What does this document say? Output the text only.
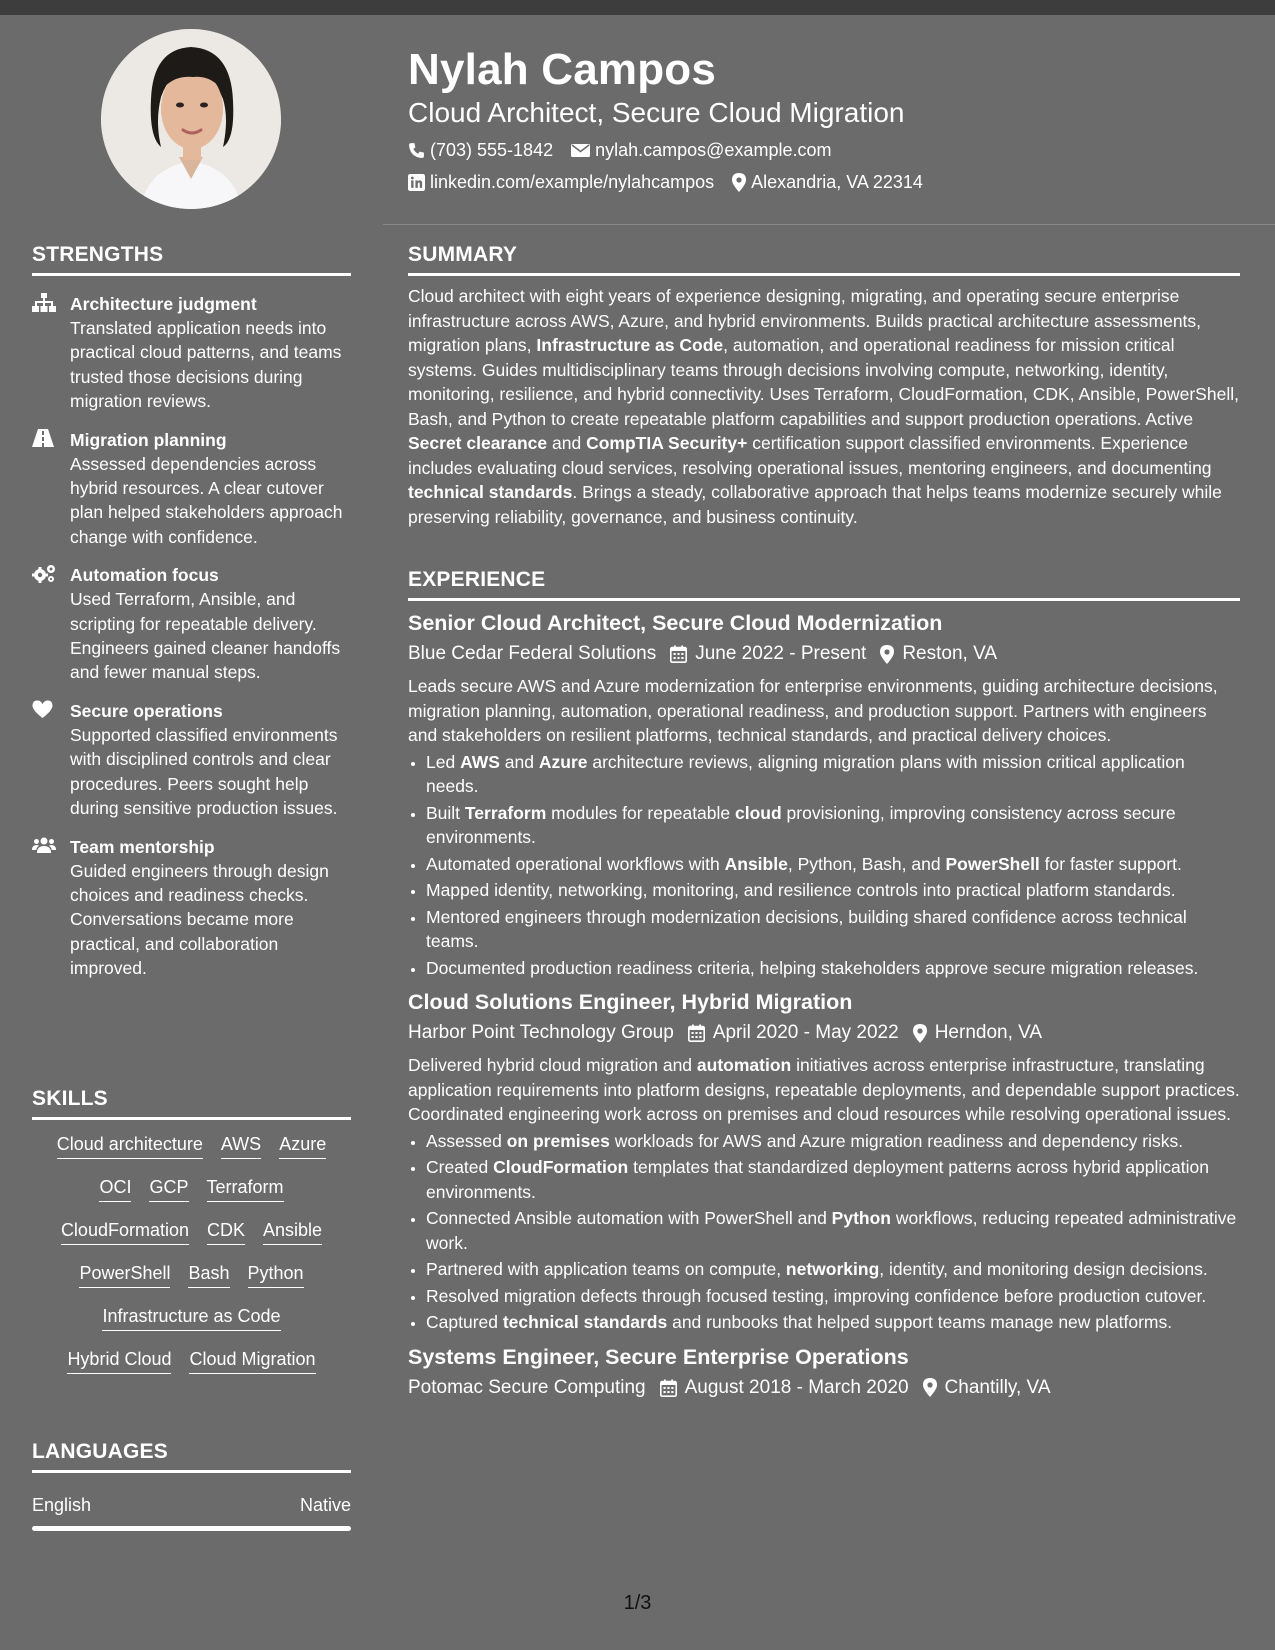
Nylah Campos
Cloud Architect, Secure Cloud Migration
(703) 555-1842 nylah.campos@example.com
linkedin.com/example/nylahcampos Alexandria, VA 22314
STRENGTHS
Architecture judgment
Translated application needs into practical cloud patterns, and teams trusted those decisions during migration reviews.
Migration planning
Assessed dependencies across hybrid resources. A clear cutover plan helped stakeholders approach change with confidence.
Automation focus
Used Terraform, Ansible, and scripting for repeatable delivery. Engineers gained cleaner handoffs and fewer manual steps.
Secure operations
Supported classified environments with disciplined controls and clear procedures. Peers sought help during sensitive production issues.
Team mentorship
Guided engineers through design choices and readiness checks. Conversations became more practical, and collaboration improved.
SKILLS
Cloud architecture AWS Azure
OCI GCP Terraform
CloudFormation CDK Ansible
PowerShell Bash Python
Infrastructure as Code
Hybrid Cloud Cloud Migration
LANGUAGES
English	Native
SUMMARY
Cloud architect with eight years of experience designing, migrating, and operating secure enterprise infrastructure across AWS, Azure, and hybrid environments. Builds practical architecture assessments, migration plans, Infrastructure as Code, automation, and operational readiness for mission critical systems. Guides multidisciplinary teams through decisions involving compute, networking, identity, monitoring, resilience, and hybrid connectivity. Uses Terraform, CloudFormation, CDK, Ansible, PowerShell, Bash, and Python to create repeatable platform capabilities and support production operations. Active Secret clearance and CompTIA Security+ certification support classified environments. Experience includes evaluating cloud services, resolving operational issues, mentoring engineers, and documenting technical standards. Brings a steady, collaborative approach that helps teams modernize securely while preserving reliability, governance, and business continuity.
EXPERIENCE
Senior Cloud Architect, Secure Cloud Modernization
Blue Cedar Federal Solutions June 2022 - Present Reston, VA
Leads secure AWS and Azure modernization for enterprise environments, guiding architecture decisions, migration planning, automation, operational readiness, and production support. Partners with engineers and stakeholders on resilient platforms, technical standards, and practical delivery choices.
• Led AWS and Azure architecture reviews, aligning migration plans with mission critical application needs.
• Built Terraform modules for repeatable cloud provisioning, improving consistency across secure environments.
• Automated operational workflows with Ansible, Python, Bash, and PowerShell for faster support.
• Mapped identity, networking, monitoring, and resilience controls into practical platform standards.
• Mentored engineers through modernization decisions, building shared confidence across technical teams.
• Documented production readiness criteria, helping stakeholders approve secure migration releases.
Cloud Solutions Engineer, Hybrid Migration
Harbor Point Technology Group April 2020 - May 2022 Herndon, VA
Delivered hybrid cloud migration and automation initiatives across enterprise infrastructure, translating application requirements into platform designs, repeatable deployments, and dependable support practices. Coordinated engineering work across on premises and cloud resources while resolving operational issues.
• Assessed on premises workloads for AWS and Azure migration readiness and dependency risks.
• Created CloudFormation templates that standardized deployment patterns across hybrid application environments.
• Connected Ansible automation with PowerShell and Python workflows, reducing repeated administrative work.
• Partnered with application teams on compute, networking, identity, and monitoring design decisions.
• Resolved migration defects through focused testing, improving confidence before production cutover.
• Captured technical standards and runbooks that helped support teams manage new platforms.
Systems Engineer, Secure Enterprise Operations
Potomac Secure Computing August 2018 - March 2020 Chantilly, VA
1/3
